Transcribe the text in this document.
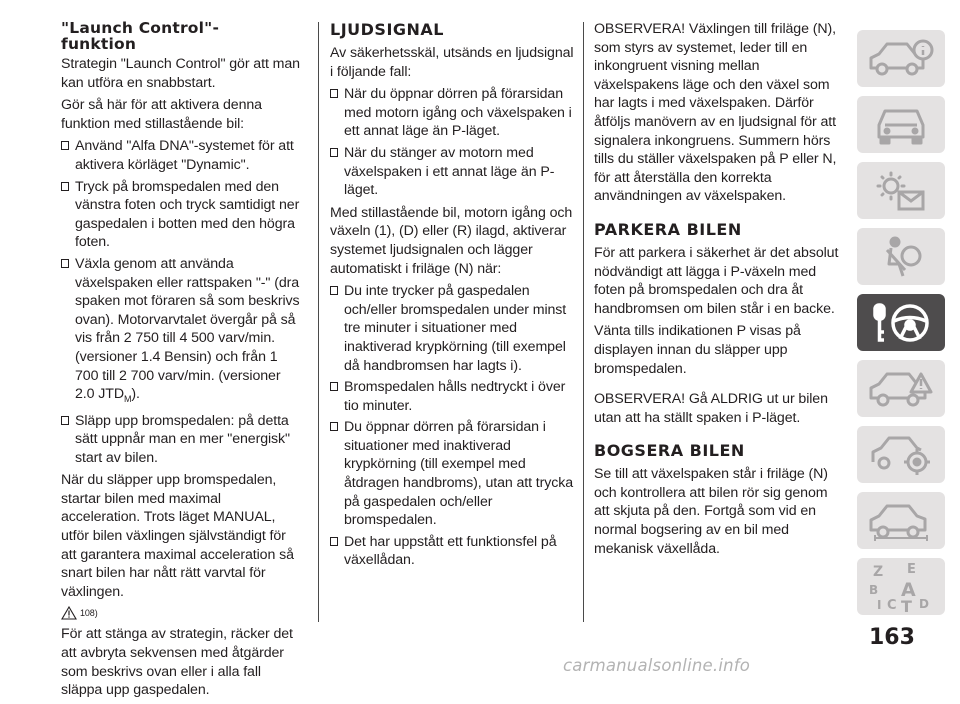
"Launch Control"-
funktion

Strategin "Launch Control" gör att man kan utföra en snabbstart.

Gör så här för att aktivera denna funktion med stillastående bil:

Använd "Alfa DNA"-systemet för att aktivera körläget "Dynamic".
Tryck på bromspedalen med den vänstra foten och tryck samtidigt ner gaspedalen i botten med den högra foten.
Växla genom att använda växelspaken eller rattspaken "-" (dra spaken mot föraren så som beskrivs ovan). Motorvarvtalet övergår på så vis från 2 750 till 4 500 varv/min. (versioner 1.4 Bensin) och från 1 700 till 2 700 varv/min. (versioner 2.0 $JTD_M$).
Släpp upp bromspedalen: på detta sätt uppnår man en mer "energisk" start av bilen.

När du släpper upp bromspedalen, startar bilen med maximal acceleration. Trots läget MANUAL, utför bilen växlingen självständigt för att garantera maximal acceleration så snart bilen har nått rätt varvtal för växlingen.

108)

För att stänga av strategin, räcker det att avbryta sekvensen med åtgärder som beskrivs ovan eller i alla fall släppa upp gaspedalen.

LJUDSIGNAL

Av säkerhetsskäl, utsänds en ljudsignal i följande fall:

När du öppnar dörren på förarsidan med motorn igång och växelspaken i ett annat läge än P-läget.
När du stänger av motorn med växelspaken i ett annat läge än P-läget.

Med stillastående bil, motorn igång och växeln (1), (D) eller (R) ilagd, aktiverar systemet ljudsignalen och lägger automatiskt i friläge (N) när:

Du inte trycker på gaspedalen och/eller bromspedalen under minst tre minuter i situationer med inaktiverad krypkörning (till exempel då handbromsen har lagts i).
Bromspedalen hålls nedtryckt i över tio minuter.
Du öppnar dörren på förarsidan i situationer med inaktiverad krypkörning (till exempel med åtdragen handbroms), utan att trycka på gaspedalen och/eller bromspedalen.
Det har uppstått ett funktionsfel på växellådan.

OBSERVERA! Växlingen till friläge (N), som styrs av systemet, leder till en inkongruent visning mellan växelspakens läge och den växel som har lagts i med växelspaken. Därför åtföljs manövern av en ljudsignal för att signalera inkongruens. Summern hörs tills du ställer växelspaken på P eller N, för att återställa den korrekta användningen av växelspaken.

PARKERA BILEN

För att parkera i säkerhet är det absolut nödvändigt att lägga i P-växeln med foten på bromspedalen och dra åt handbromsen om bilen står i en backe.

Vänta tills indikationen P visas på displayen innan du släpper upp bromspedalen.

OBSERVERA! Gå ALDRIG ut ur bilen utan att ha ställt spaken i P-läget.

BOGSERA BILEN

Se till att växelspaken står i friläge (N) och kontrollera att bilen rör sig genom att skjuta på den. Fortgå som vid en normal bogsering av en bil med mekanisk växellåda.

Z E
B A
I C T D
163
carmanualsonline.info
